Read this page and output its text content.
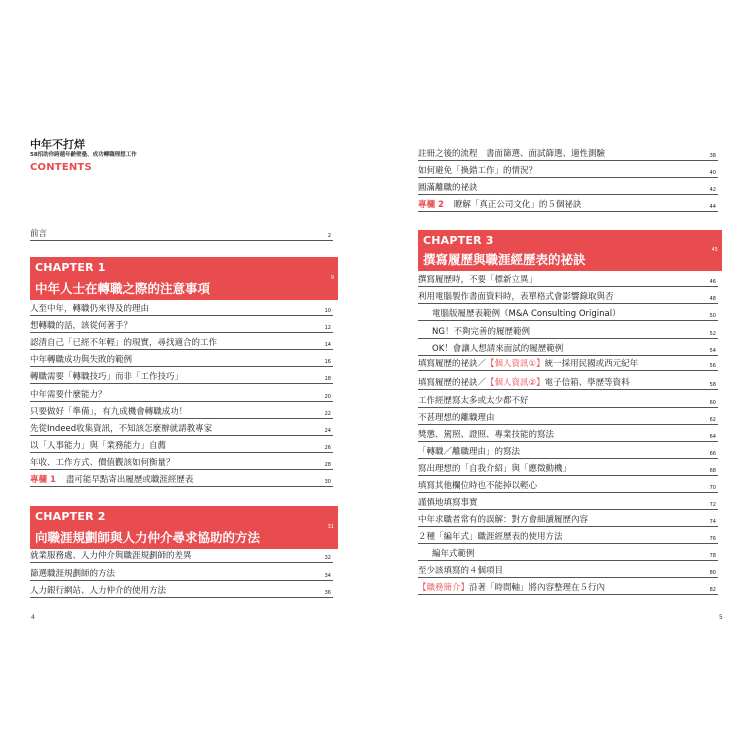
中年不打烊
58招助你跨越年齡壁壘、成功轉職理想工作
CONTENTS
前言	2
CHAPTER 1
中年人士在轉職之際的注意事項
9
人至中年，轉職仍來得及的理由	10
想轉職的話，該從何著手？	12
認清自己「已經不年輕」的現實，尋找適合的工作	14
中年轉職成功與失敗的範例	16
轉職需要「轉職技巧」而非「工作技巧」	18
中年需要什麼能力？	20
只要做好「準備」，有九成機會轉職成功！	22
先從Indeed收集資訊，不知該怎麼辦就請教專家	24
以「人事能力」與「業務能力」自薦	26
年收、工作方式、價值觀該如何衡量？	28
專欄 1 盡可能早點寄出履歷或職涯經歷表	30
CHAPTER 2
向職涯規劃師與人力仲介尋求協助的方法
31
就業服務處、人力仲介與職涯規劃師的差異	32
篩選職涯規劃師的方法	34
人力銀行網站、人力仲介的使用方法	36
4
註冊之後的流程　書面篩選、面試篩選、適性測驗	38
如何避免「換錯工作」的情況？	40
圓滿離職的祕訣	42
專欄 2 瞭解「真正公司文化」的５個祕訣	44
CHAPTER 3
撰寫履歷與職涯經歷表的祕訣
45
撰寫履歷時，不要「標新立異」	46
利用電腦製作書面資料時，表單格式會影響錄取與否	48
電腦版履歷表範例（M&A Consulting Original）	50
NG！不夠完善的履歷範例	52
OK！會讓人想請來面試的履歷範例	54
填寫履歷的祕訣／【個人資訊①】統一採用民國或西元紀年	56
填寫履歷的祕訣／【個人資訊②】電子信箱、學歷等資料	58
工作經歷寫太多或太少都不好	60
不甚理想的離職理由	62
獎懲、駕照、證照、專業技能的寫法	64
「轉職／離職理由」的寫法	66
寫出理想的「自我介紹」與「應徵動機」	68
填寫其他欄位時也不能掉以輕心	70
謹慎地填寫事實	72
中年求職者常有的誤解：對方會細讀履歷內容	74
２種「編年式」職涯經歷表的使用方法	76
編年式範例	78
至少該填寫的４個項目	80
【職務簡介】沿著「時間軸」將內容整理在５行內	82
5
